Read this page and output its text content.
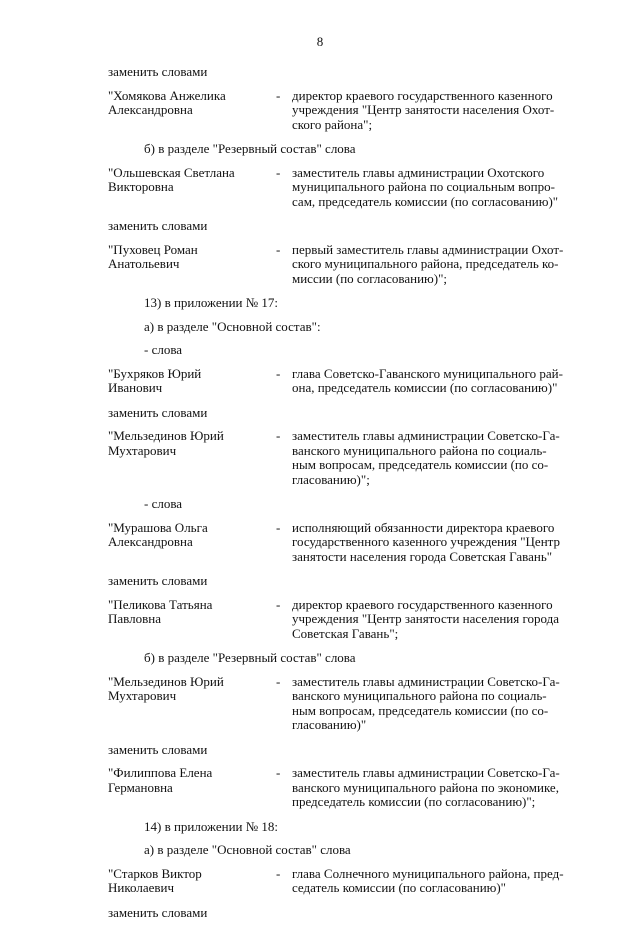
8
заменить словами
"Хомякова Анжелика
Александровна
- директор краевого государственного казенного
учреждения "Центр занятости населения Охот-
ского района";
б) в разделе "Резервный состав" слова
"Ольшевская Светлана
Викторовна
- заместитель главы администрации Охотского
муниципального района по социальным вопро-
сам, председатель комиссии (по согласованию)"
заменить словами
"Пуховец Роман
Анатольевич
- первый заместитель главы администрации Охот-
ского муниципального района, председатель ко-
миссии (по согласованию)";
13) в приложении № 17:
а) в разделе "Основной состав":
- слова
"Бухряков Юрий
Иванович
- глава Советско-Гаванского муниципального рай-
она, председатель комиссии (по согласованию)"
заменить словами
"Мельзединов Юрий
Мухтарович
- заместитель главы администрации Советско-Га-
ванского муниципального района по социаль-
ным вопросам, председатель комиссии (по со-
гласованию)";
- слова
"Мурашова Ольга
Александровна
- исполняющий обязанности директора краевого
государственного казенного учреждения "Центр
занятости населения города Советская Гавань"
заменить словами
"Пеликова Татьяна
Павловна
- директор краевого государственного казенного
учреждения "Центр занятости населения города
Советская Гавань";
б) в разделе "Резервный состав" слова
"Мельзединов Юрий
Мухтарович
- заместитель главы администрации Советско-Га-
ванского муниципального района по социаль-
ным вопросам, председатель комиссии (по со-
гласованию)"
заменить словами
"Филиппова Елена
Германовна
- заместитель главы администрации Советско-Га-
ванского муниципального района по экономике,
председатель комиссии (по согласованию)";
14) в приложении № 18:
а) в разделе "Основной состав" слова
"Старков Виктор
Николаевич
- глава Солнечного муниципального района, пред-
седатель комиссии (по согласованию)"
заменить словами
